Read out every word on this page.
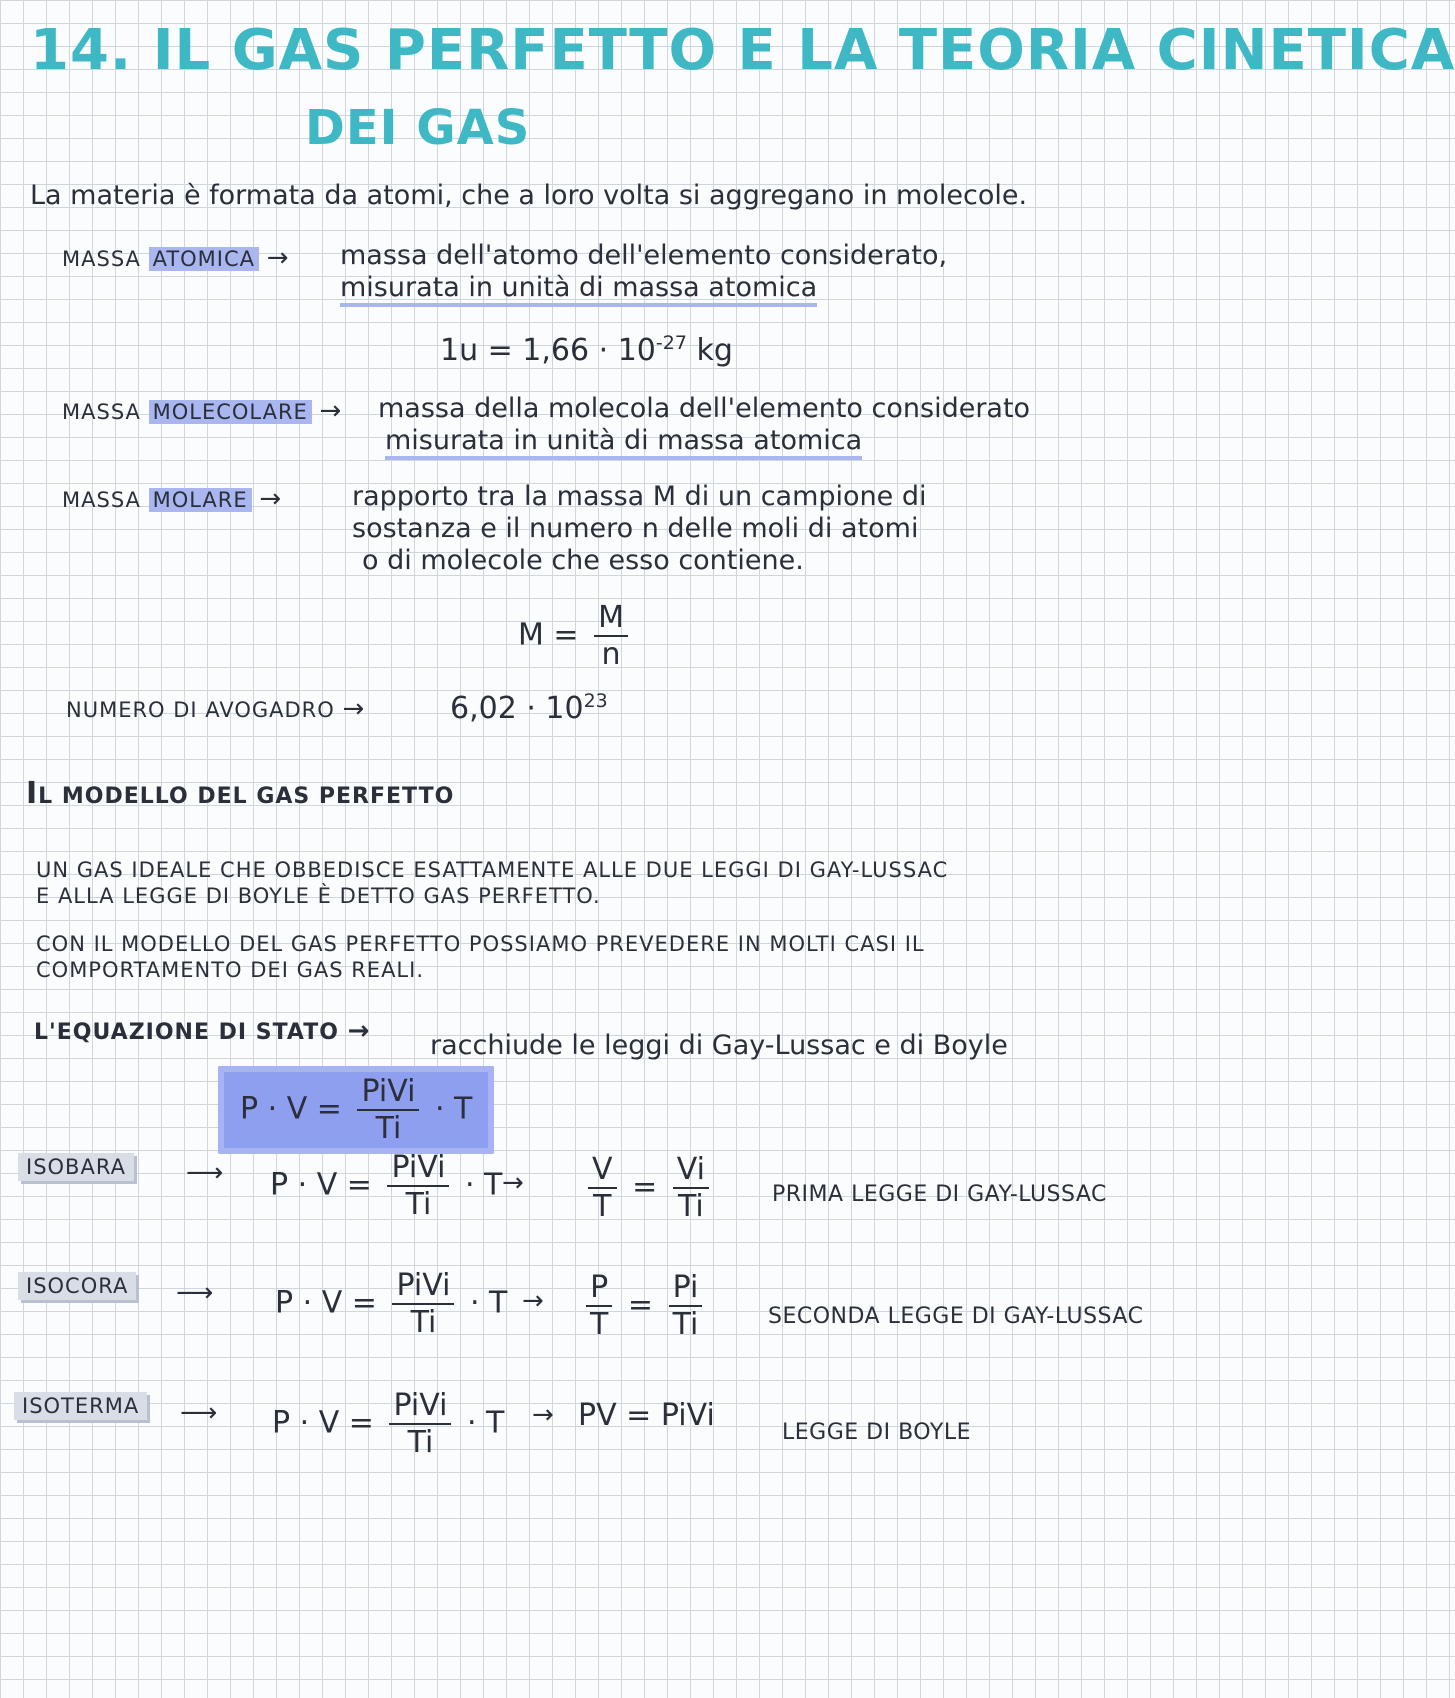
14. IL GAS PERFETTO E LA TEORIA CINETICA
DEI GAS
La materia è formata da atomi, che a loro volta si aggregano in molecole.
MASSA ATOMICA → massa dell'atomo dell'elemento considerato,
misurata in unità di massa atomica
$1u = 1,66 \cdot 10^{-27}$ kg
MASSA MOLECOLARE → massa della molecola dell'elemento considerato
misurata in unità di massa atomica
MASSA MOLARE →	rapporto tra la massa M di un campione di
sostanza e il numero n delle moli di atomi
o di molecole che esso contiene.
$M = \frac{M}{n}$
NUMERO DI AVOGADRO →	$6,02 \cdot 10^{23}$
IL MODELLO DEL GAS PERFETTO
UN GAS IDEALE CHE OBBEDISCE ESATTAMENTE ALLE DUE LEGGI DI GAY-LUSSAC
E ALLA LEGGE DI BOYLE È DETTO GAS PERFETTO.
CON IL MODELLO DEL GAS PERFETTO POSSIAMO PREVEDERE IN MOLTI CASI IL
COMPORTAMENTO DEI GAS REALI.
L'EQUAZIONE DI STATO → racchiude le leggi di Gay-Lussac e di Boyle
$P \cdot V = \frac{\text{PiVi}}{Ti} \cdot T$
ISOBARA	⟶ $P \cdot V = \frac{\text{PiVi}}{Ti} \cdot T \to \frac{V}{T} = \frac{Vi}{Ti}$	PRIMA LEGGE DI GAY-LUSSAC
ISOCORA	⟶ $P \cdot V = \frac{\text{PiVi}}{Ti} \cdot T \to \frac{P}{T} = \frac{Pi}{Ti}$	SECONDA LEGGE DI GAY-LUSSAC
ISOTERMA	⟶ $P \cdot V = \frac{\text{PiVi}}{Ti} \cdot T$ → PV = PiVi	LEGGE DI BOYLE
